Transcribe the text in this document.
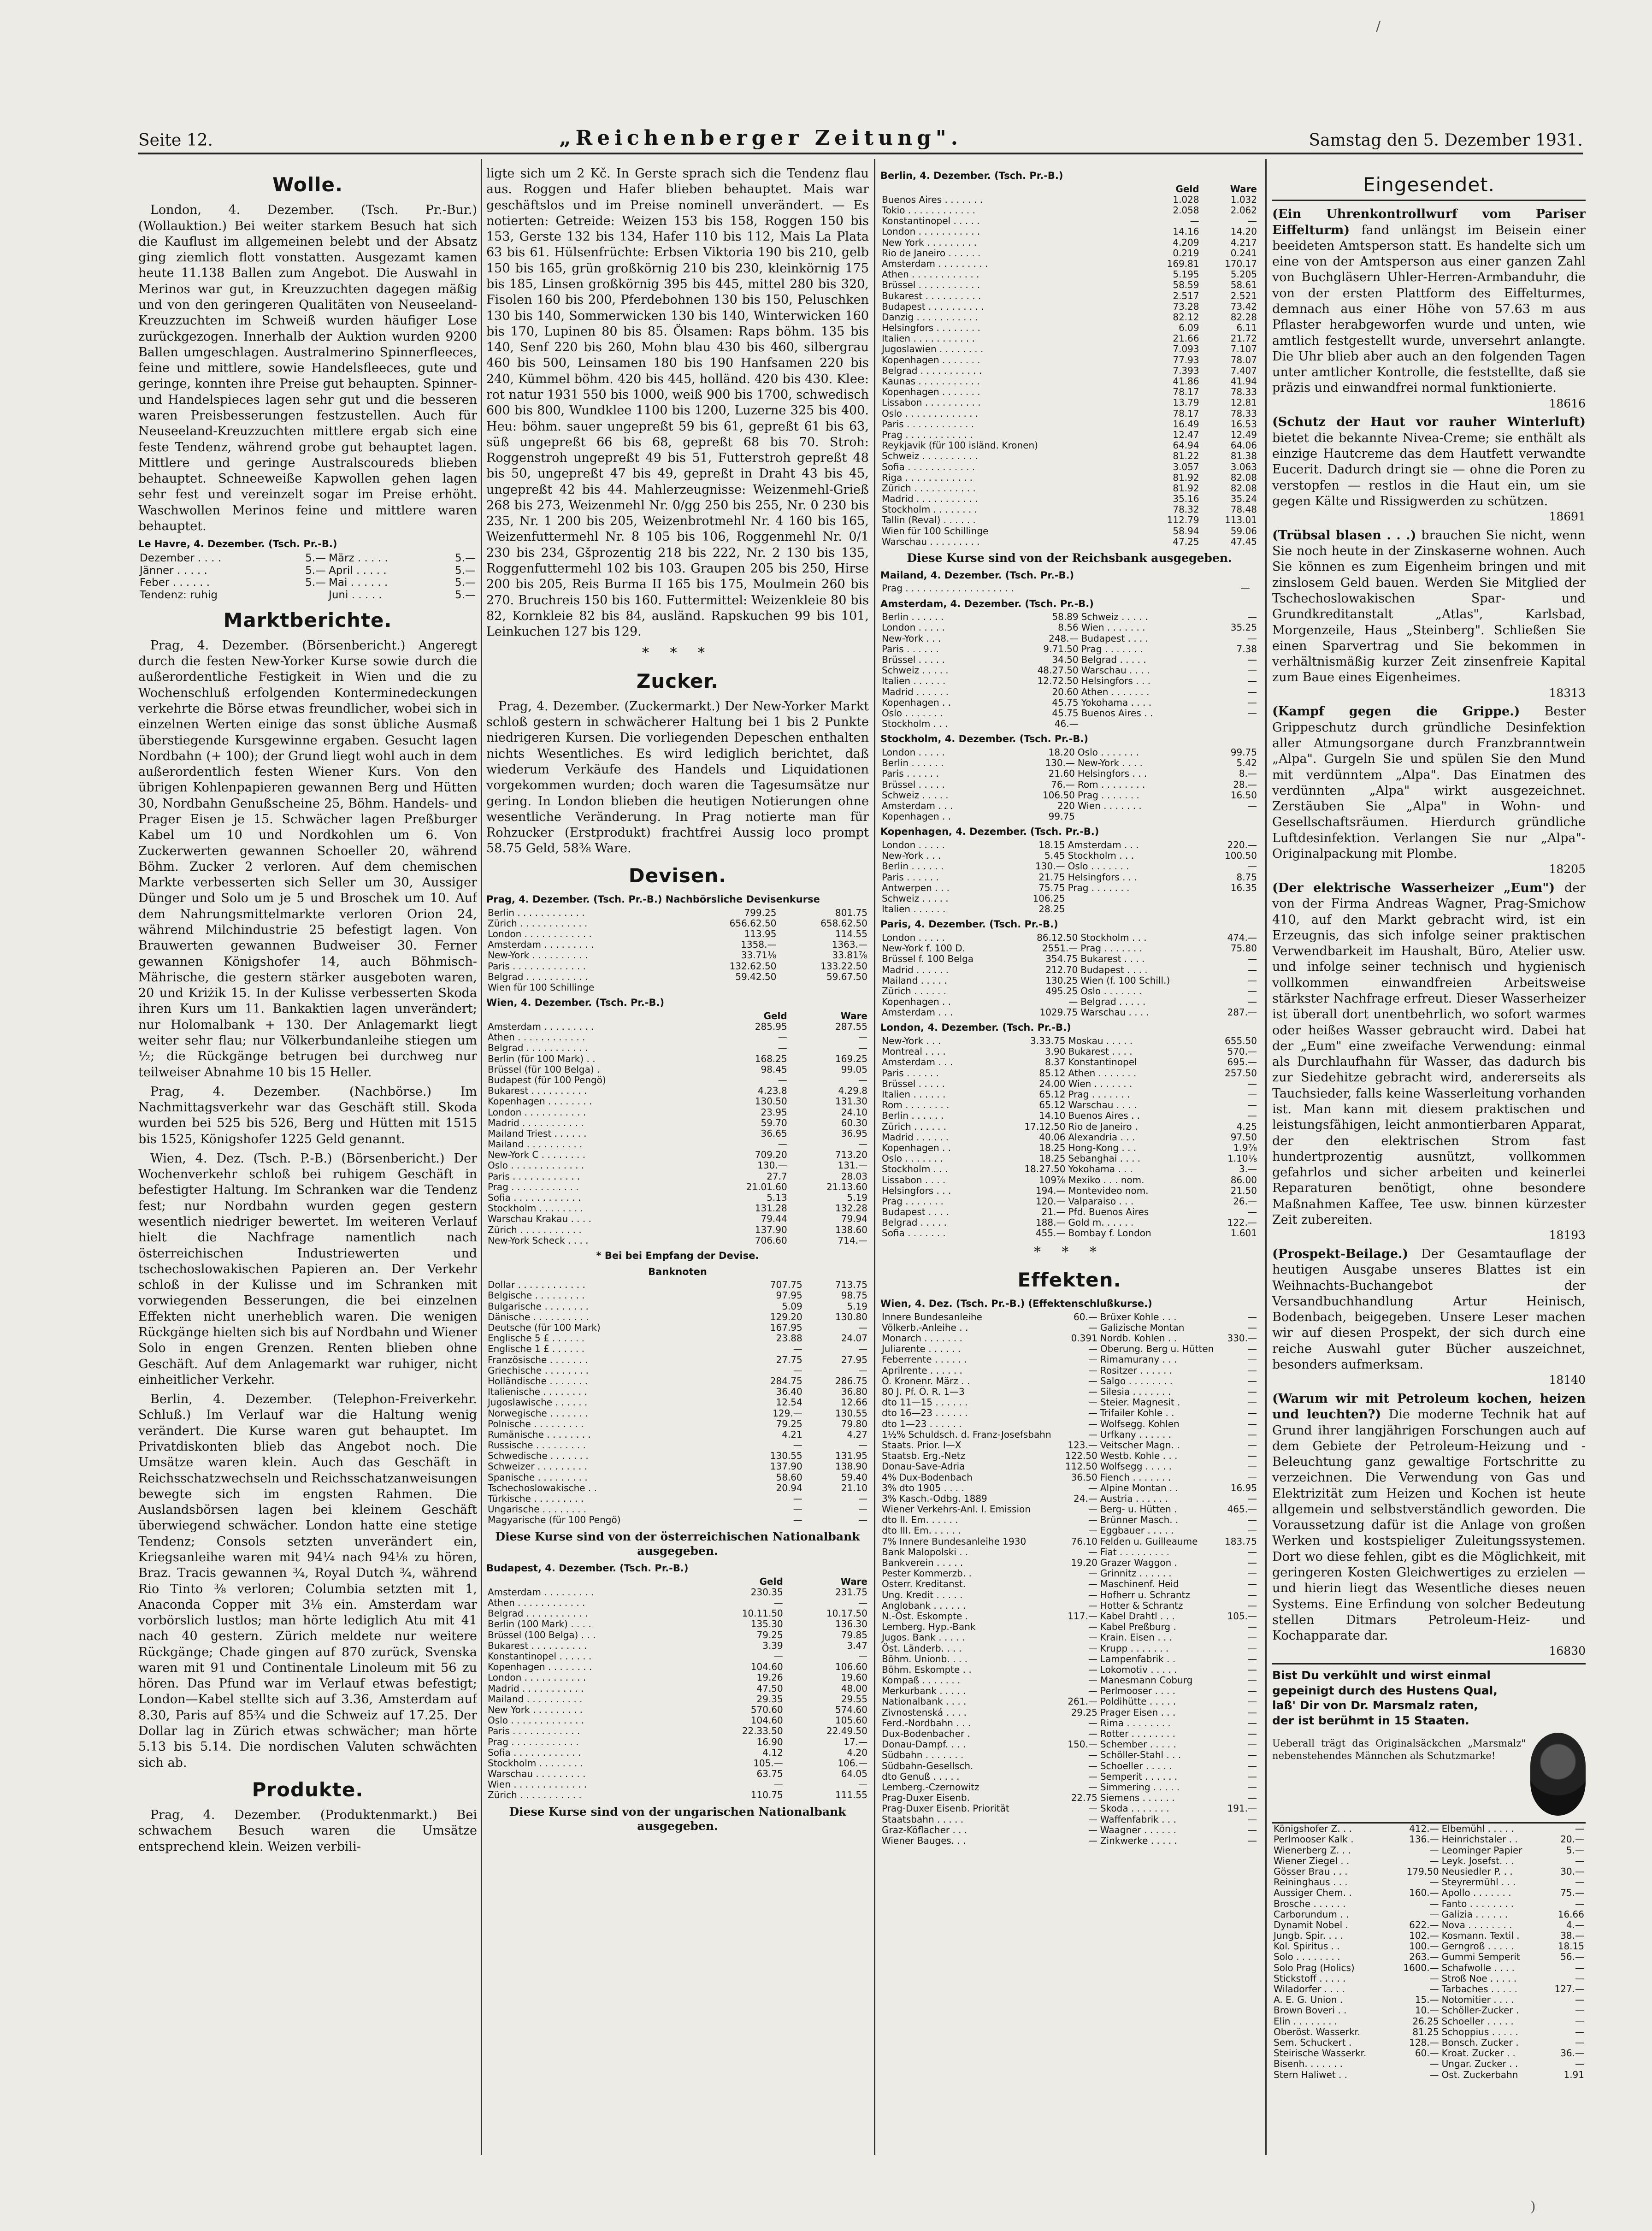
Seite 12.	„Reichenberger Zeitung".	Samstag den 5. Dezember 1931.
Wolle.

London, 4. Dezember. (Tsch. Pr.-Bur.) (Wollauktion.) Bei weiter starkem Besuch hat sich die Kauflust im allgemeinen belebt und der Absatz ging ziemlich flott vonstatten. Ausgezamt kamen heute 11.138 Ballen zum Angebot. Die Auswahl in Merinos war gut, in Kreuzzuchten dagegen mäßig und von den geringeren Qualitäten von Neuseeland-Kreuzzuchten im Schweiß wurden häufiger Lose zurückgezogen. Innerhalb der Auktion wurden 9200 Ballen umgeschlagen. Australmerino Spinnerfleeces, feine und mittlere, sowie Handelsfleeces, gute und geringe, konnten ihre Preise gut behaupten. Spinner- und Handelspieces lagen sehr gut und die besseren waren Preisbesserungen festzustellen. Auch für Neuseeland-Kreuzzuchten mittlere ergab sich eine feste Tendenz, während grobe gut behauptet lagen. Mittlere und geringe Australscoureds blieben behauptet. Schneeweiße Kapwollen gehen lagen sehr fest und vereinzelt sogar im Preise erhöht. Waschwollen Merinos feine und mittlere waren behauptet.

Le Havre, 4. Dezember. (Tsch. Pr.-B.)
Dezember . . . .	5.—	März . . . . .	5.—
Jänner . . . . .	5.—	April . . . . .	5.—
Feber . . . . . .	5.—	Mai . . . . . .	5.—
Tendenz: ruhig		Juni . . . . .	5.—
Marktberichte.

Prag, 4. Dezember. (Börsenbericht.) Angeregt durch die festen New-Yorker Kurse sowie durch die außerordentliche Festigkeit in Wien und die zu Wochenschluß erfolgenden Konterminedeckungen verkehrte die Börse etwas freundlicher, wobei sich in einzelnen Werten einige das sonst übliche Ausmaß überstiegende Kursgewinne ergaben. Gesucht lagen Nordbahn (+ 100); der Grund liegt wohl auch in dem außerordentlich festen Wiener Kurs. Von den übrigen Kohlenpapieren gewannen Berg und Hütten 30, Nordbahn Genußscheine 25, Böhm. Handels- und Prager Eisen je 15. Schwächer lagen Preßburger Kabel um 10 und Nordkohlen um 6. Von Zuckerwerten gewannen Schoeller 20, während Böhm. Zucker 2 verloren. Auf dem chemischen Markte verbesserten sich Seller um 30, Aussiger Dünger und Solo um je 5 und Broschek um 10. Auf dem Nahrungsmittelmarkte verloren Orion 24, während Milchindustrie 25 befestigt lagen. Von Brauwerten gewannen Budweiser 30. Ferner gewannen Königshofer 14, auch Böhmisch-Mährische, die gestern stärker ausgeboten waren, 20 und Kriżik 15. In der Kulisse verbesserten Skoda ihren Kurs um 11. Bankaktien lagen unverändert; nur Holomalbank + 130. Der Anlagemarkt liegt weiter sehr flau; nur Völkerbundanleihe stiegen um ½; die Rückgänge betrugen bei durchweg nur teilweiser Abnahme 10 bis 15 Heller.

Prag, 4. Dezember. (Nachbörse.) Im Nachmittagsverkehr war das Geschäft still. Skoda wurden bei 525 bis 526, Berg und Hütten mit 1515 bis 1525, Königshofer 1225 Geld genannt.

Wien, 4. Dez. (Tsch. P.-B.) (Börsenbericht.) Der Wochenverkehr schloß bei ruhigem Geschäft in befestigter Haltung. Im Schranken war die Tendenz fest; nur Nordbahn wurden gegen gestern wesentlich niedriger bewertet. Im weiteren Verlauf hielt die Nachfrage namentlich nach österreichischen Industriewerten und tschechoslowakischen Papieren an. Der Verkehr schloß in der Kulisse und im Schranken mit vorwiegenden Besserungen, die bei einzelnen Effekten nicht unerheblich waren. Die wenigen Rückgänge hielten sich bis auf Nordbahn und Wiener Solo in engen Grenzen. Renten blieben ohne Geschäft. Auf dem Anlagemarkt war ruhiger, nicht einheitlicher Verkehr.

Berlin, 4. Dezember. (Telephon-Freiverkehr. Schluß.) Im Verlauf war die Haltung wenig verändert. Die Kurse waren gut behauptet. Im Privatdiskonten blieb das Angebot noch. Die Umsätze waren klein. Auch das Geschäft in Reichsschatzwechseln und Reichsschatzanweisungen bewegte sich im engsten Rahmen. Die Auslandsbörsen lagen bei kleinem Geschäft überwiegend schwächer. London hatte eine stetige Tendenz; Consols setzten unverändert ein, Kriegsanleihe waren mit 94¼ nach 94⅛ zu hören, Braz. Tracis gewannen ¾, Royal Dutch ¾, während Rio Tinto ⅜ verloren; Columbia setzten mit 1, Anaconda Copper mit 3⅛ ein. Amsterdam war vorbörslich lustlos; man hörte lediglich Atu mit 41 nach 40 gestern. Zürich meldete nur weitere Rückgänge; Chade gingen auf 870 zurück, Svenska waren mit 91 und Continentale Linoleum mit 56 zu hören. Das Pfund war im Verlauf etwas befestigt; London—Kabel stellte sich auf 3.36, Amsterdam auf 8.30, Paris auf 85¾ und die Schweiz auf 17.25. Der Dollar lag in Zürich etwas schwächer; man hörte 5.13 bis 5.14. Die nordischen Valuten schwächten sich ab.

Produkte.

Prag, 4. Dezember. (Produktenmarkt.) Bei schwachem Besuch waren die Umsätze entsprechend klein. Weizen verbili-

ligte sich um 2 Kč. In Gerste sprach sich die Tendenz flau aus. Roggen und Hafer blieben behauptet. Mais war geschäftslos und im Preise nominell unverändert. — Es notierten: Getreide: Weizen 153 bis 158, Roggen 150 bis 153, Gerste 132 bis 134, Hafer 110 bis 112, Mais La Plata 63 bis 61. Hülsenfrüchte: Erbsen Viktoria 190 bis 210, gelb 150 bis 165, grün großkörnig 210 bis 230, kleinkörnig 175 bis 185, Linsen großkörnig 395 bis 445, mittel 280 bis 320, Fisolen 160 bis 200, Pferdebohnen 130 bis 150, Peluschken 130 bis 140, Sommerwicken 130 bis 140, Winterwicken 160 bis 170, Lupinen 80 bis 85. Ölsamen: Raps böhm. 135 bis 140, Senf 220 bis 260, Mohn blau 430 bis 460, silbergrau 460 bis 500, Leinsamen 180 bis 190 Hanfsamen 220 bis 240, Kümmel böhm. 420 bis 445, holländ. 420 bis 430. Klee: rot natur 1931 550 bis 1000, weiß 900 bis 1700, schwedisch 600 bis 800, Wundklee 1100 bis 1200, Luzerne 325 bis 400. Heu: böhm. sauer ungepreßt 59 bis 61, gepreßt 61 bis 63, süß ungepreßt 66 bis 68, gepreßt 68 bis 70. Stroh: Roggenstroh ungepreßt 49 bis 51, Futterstroh gepreßt 48 bis 50, ungepreßt 47 bis 49, gepreßt in Draht 43 bis 45, ungepreßt 42 bis 44. Mahlerzeugnisse: Weizenmehl-Grieß 268 bis 273, Weizenmehl Nr. 0/gg 250 bis 255, Nr. 0 230 bis 235, Nr. 1 200 bis 205, Weizenbrotmehl Nr. 4 160 bis 165, Weizenfuttermehl Nr. 8 105 bis 106, Roggenmehl Nr. 0/1 230 bis 234, Gšprozentig 218 bis 222, Nr. 2 130 bis 135, Roggenfuttermehl 102 bis 103. Graupen 205 bis 250, Hirse 200 bis 205, Reis Burma II 165 bis 175, Moulmein 260 bis 270. Bruchreis 150 bis 160. Futtermittel: Weizenkleie 80 bis 82, Kornkleie 82 bis 84, ausländ. Rapskuchen 99 bis 101, Leinkuchen 127 bis 129.

* * *
Zucker.

Prag, 4. Dezember. (Zuckermarkt.) Der New-Yorker Markt schloß gestern in schwächerer Haltung bei 1 bis 2 Punkte niedrigeren Kursen. Die vorliegenden Depeschen enthalten nichts Wesentliches. Es wird lediglich berichtet, daß wiederum Verkäufe des Handels und Liquidationen vorgekommen wurden; doch waren die Tagesumsätze nur gering. In London blieben die heutigen Notierungen ohne wesentliche Veränderung. In Prag notierte man für Rohzucker (Erstprodukt) frachtfrei Aussig loco prompt 58.75 Geld, 58⅜ Ware.

Devisen.
Prag, 4. Dezember. (Tsch. Pr.-B.) Nachbörsliche Devisenkurse
Berlin . . . . . . . . . . . .	799.25	801.75
Zürich . . . . . . . . . . . .	656.62.50	658.62.50
London . . . . . . . . . . . .	113.95	114.55
Amsterdam . . . . . . . . .	1358.—	1363.—
New-York . . . . . . . . . .	33.71⅛	33.81⅞
Paris . . . . . . . . . . . . .	132.62.50	133.22.50
Belgrad . . . . . . . . . . .	59.42.50	59.67.50
Wien für 100 Schillinge		
Wien, 4. Dezember. (Tsch. Pr.-B.)
	Geld	Ware
Amsterdam . . . . . . . . .	285.95	287.55
Athen . . . . . . . . . . . .	—	—
Belgrad . . . . . . . . . . .	—	—
Berlin (für 100 Mark) . .	168.25	169.25
Brüssel (für 100 Belga) .	98.45	99.05
Budapest (für 100 Pengö)	—	—
Bukarest . . . . . . . . . .	4.23.8	4.29.8
Kopenhagen . . . . . . . .	130.50	131.30
London . . . . . . . . . . .	23.95	24.10
Madrid . . . . . . . . . . .	59.70	60.30
Mailand Triest . . . . . .	36.65	36.95
Mailand . . . . . . . . . .	—	—
New-York C . . . . . . . .	709.20	713.20
Oslo . . . . . . . . . . . . .	130.—	131.—
Paris . . . . . . . . . . . .	27.7	28.03
Prag . . . . . . . . . . . .	21.01.60	21.13.60
Sofia . . . . . . . . . . . .	5.13	5.19
Stockholm . . . . . . . .	131.28	132.28
Warschau Krakau . . . .	79.44	79.94
Zürich . . . . . . . . . . .	137.90	138.60
New-York Scheck . . . .	706.60	714.—
* Bei bei Empfang der Devise.
Banknoten
Dollar . . . . . . . . . . . .	707.75	713.75
Belgische . . . . . . . . .	97.95	98.75
Bulgarische . . . . . . . .	5.09	5.19
Dänische . . . . . . . . . .	129.20	130.80
Deutsche (für 100 Mark)	167.95	—
Englische 5 £ . . . . . .	23.88	24.07
Englische 1 £ . . . . . .	—	—
Französische . . . . . . .	27.75	27.95
Griechische . . . . . . . .	—	—
Holländische . . . . . . .	284.75	286.75
Italienische . . . . . . . .	36.40	36.80
Jugoslawische . . . . . .	12.54	12.66
Norwegische . . . . . . .	129.—	130.55
Polnische . . . . . . . . .	79.25	79.80
Rumänische . . . . . . . .	4.21	4.27
Russische . . . . . . . . .	—	—
Schwedische . . . . . . .	130.55	131.95
Schweizer . . . . . . . . .	137.90	138.90
Spanische . . . . . . . . .	58.60	59.40
Tschechoslowakische . .	20.94	21.10
Türkische . . . . . . . . .	—	—
Ungarische . . . . . . . .	—	—
Magyarische (für 100 Pengö)	—	—
Diese Kurse sind von der österreichischen Nationalbank ausgegeben.
Budapest, 4. Dezember. (Tsch. Pr.-B.)
	Geld	Ware
Amsterdam . . . . . . . . .	230.35	231.75
Athen . . . . . . . . . . . .	—	—
Belgrad . . . . . . . . . . .	10.11.50	10.17.50
Berlin (100 Mark) . . . .	135.30	136.30
Brüssel (100 Belga) . . .	79.25	79.85
Bukarest . . . . . . . . . .	3.39	3.47
Konstantinopel . . . . . .	—	—
Kopenhagen . . . . . . . .	104.60	106.60
London . . . . . . . . . . .	19.26	19.60
Madrid . . . . . . . . . . .	47.50	48.00
Mailand . . . . . . . . . .	29.35	29.55
New York . . . . . . . . .	570.60	574.60
Oslo . . . . . . . . . . . . .	104.60	105.60
Paris . . . . . . . . . . . .	22.33.50	22.49.50
Prag . . . . . . . . . . . .	16.90	17.—
Sofia . . . . . . . . . . . .	4.12	4.20
Stockholm . . . . . . . .	105.—	106.—
Warschau . . . . . . . . .	63.75	64.05
Wien . . . . . . . . . . . . .	—	—
Zürich . . . . . . . . . . .	110.75	111.55
Diese Kurse sind von der ungarischen Nationalbank ausgegeben.
Berlin, 4. Dezember. (Tsch. Pr.-B.)
	Geld	Ware
Buenos Aires . . . . . . .	1.028	1.032
Tokio . . . . . . . . . . . .	2.058	2.062
Konstantinopel . . . . .	—	—
London . . . . . . . . . . .	14.16	14.20
New York . . . . . . . . .	4.209	4.217
Rio de Janeiro . . . . . .	0.219	0.241
Amsterdam . . . . . . . . .	169.81	170.17
Athen . . . . . . . . . . . .	5.195	5.205
Brüssel . . . . . . . . . . .	58.59	58.61
Bukarest . . . . . . . . . .	2.517	2.521
Budapest . . . . . . . . . .	73.28	73.42
Danzig . . . . . . . . . . .	82.12	82.28
Helsingfors . . . . . . . .	6.09	6.11
Italien . . . . . . . . . . .	21.66	21.72
Jugoslawien . . . . . . . .	7.093	7.107
Kopenhagen . . . . . . .	77.93	78.07
Belgrad . . . . . . . . . . .	7.393	7.407
Kaunas . . . . . . . . . . .	41.86	41.94
Kopenhagen . . . . . . .	78.17	78.33
Lissabon . . . . . . . . . .	13.79	12.81
Oslo . . . . . . . . . . . . .	78.17	78.33
Paris . . . . . . . . . . . .	16.49	16.53
Prag . . . . . . . . . . . .	12.47	12.49
Reykjavik (für 100 isländ. Kronen)	64.94	64.06
Schweiz . . . . . . . . . .	81.22	81.38
Sofia . . . . . . . . . . . .	3.057	3.063
Riga . . . . . . . . . . . .	81.92	82.08
Zürich . . . . . . . . . . .	81.92	82.08
Madrid . . . . . . . . . . .	35.16	35.24
Stockholm . . . . . . . .	78.32	78.48
Tallin (Reval) . . . . . .	112.79	113.01
Wien für 100 Schillinge	58.94	59.06
Warschau . . . . . . . . .	47.25	47.45
Diese Kurse sind von der Reichsbank ausgegeben.
Mailand, 4. Dezember. (Tsch. Pr.-B.)
Prag . . . . . . . . . . . . . . . . . . .	—	
Amsterdam, 4. Dezember. (Tsch. Pr.-B.)
Berlin . . . . . .	58.89	Schweiz . . . . .	—
London . . . . .	8.56	Wien . . . . . . .	35.25
New-York . . .	248.—	Budapest . . . .	—
Paris . . . . . .	9.71.50	Prag . . . . . . .	7.38
Brüssel . . . . .	34.50	Belgrad . . . . .	—
Schweiz . . . . .	48.27.50	Warschau . . . .	—
Italien . . . . . .	12.72.50	Helsingfors . . .	—
Madrid . . . . . .	20.60	Athen . . . . . . .	—
Kopenhagen . .	45.75	Yokohama . . . .	—
Oslo . . . . . . .	45.75	Buenos Aires . .	—
Stockholm . . .	46.—		
Stockholm, 4. Dezember. (Tsch. Pr.-B.)
London . . . . .	18.20	Oslo . . . . . . .	99.75
Berlin . . . . . .	130.—	New-York . . . .	5.42
Paris . . . . . .	21.60	Helsingfors . . .	8.—
Brüssel . . . . .	76.—	Rom . . . . . . . .	28.—
Schweiz . . . . .	106.50	Prag . . . . . . .	16.50
Amsterdam . . .	220	Wien . . . . . . .	—
Kopenhagen . .	99.75		
Kopenhagen, 4. Dezember. (Tsch. Pr.-B.)
London . . . . .	18.15	Amsterdam . . .	220.—
New-York . . .	5.45	Stockholm . . .	100.50
Berlin . . . . . .	130.—	Oslo . . . . . . .	—
Paris . . . . . .	21.75	Helsingfors . . .	8.75
Antwerpen . . .	75.75	Prag . . . . . . .	16.35
Schweiz . . . . .	106.25		
Italien . . . . . .	28.25		
Paris, 4. Dezember. (Tsch. Pr.-B.)
London . . . . .	86.12.50	Stockholm . . .	474.—
New-York f. 100 D.	2551.—	Prag . . . . . . .	75.80
Brüssel f. 100 Belga	354.75	Bukarest . . . .	—
Madrid . . . . . .	212.70	Budapest . . . .	—
Mailand . . . . .	130.25	Wien (f. 100 Schill.)	—
Zürich . . . . . .	495.25	Oslo . . . . . . .	—
Kopenhagen . .	—	Belgrad . . . . .	—
Amsterdam . . .	1029.75	Warschau . . . .	287.—
London, 4. Dezember. (Tsch. Pr.-B.)
New-York . . .	3.33.75	Moskau . . . . .	655.50
Montreal . . . .	3.90	Bukarest . . . .	570.—
Amsterdam . . .	8.37	Konstantinopel	695.—
Paris . . . . . .	85.12	Athen . . . . . . .	257.50
Brüssel . . . . .	24.00	Wien . . . . . . .	—
Italien . . . . . .	65.12	Prag . . . . . . .	—
Rom . . . . . . . .	65.12	Warschau . . . .	—
Berlin . . . . . .	14.10	Buenos Aires . .	—
Zürich . . . . . .	17.12.50	Rio de Janeiro .	4.25
Madrid . . . . . .	40.06	Alexandria . . .	97.50
Kopenhagen . .	18.25	Hong-Kong . . .	1.9⅞
Oslo . . . . . . .	18.25	Sebanghai . . . .	1.10⅛
Stockholm . . .	18.27.50	Yokohama . . .	3.—
Lissabon . . . .	109⅞	Mexiko . . . nom.	86.00
Helsingfors . . .	194.—	Montevideo nom.	21.50
Prag . . . . . . .	120.—	Valparaiso . . .	26.—
Budapest . . . .	21.—	Pfd. Buenos Aires	—
Belgrad . . . . .	188.—	Gold m. . . . . .	122.—
Sofia . . . . . . .	455.—	Bombay f. London	1.601
* * *
Effekten.
Wien, 4. Dez. (Tsch. Pr.-B.) (Effektenschlußkurse.)
Innere Bundesanleihe	60.—	Brüxer Kohle . . .	—
Völkerb.-Anleihe . .	—	Galizische Montan	—
Monarch . . . . . . .	0.391	Nordb. Kohlen . .	330.—
Juliarente . . . . . .	—	Oberung. Berg u. Hütten	—
Feberrente . . . . . .	—	Rimamurany . . .	—
Aprilrente . . . . . .	—	Rositzer . . . . . .	—
Ö. Kronenr. März . .	—	Salgo . . . . . . . .	—
80 J. Pf. Ö. R. 1—3	—	Silesia . . . . . . .	—
dto 11—15 . . . . . .	—	Steier. Magnesit .	—
dto 16—23 . . . . . .	—	Trifailer Kohle . .	—
dto 1—23 . . . . . .	—	Wolfsegg. Kohlen	—
1½% Schuldsch. d. Franz-Josefsbahn	—	Urfkany . . . . . .	—
Staats. Prior. I—X	123.—	Veitscher Magn. .	—
Staatsb. Erg.-Netz	122.50	Westb. Kohle . . .	—
Donau-Save-Adria	112.50	Wolfsegg . . . . .	—
4% Dux-Bodenbach	36.50	Fiench . . . . . . .	—
3% dto 1905 . . . .	—	Alpine Montan . .	16.95
3% Kasch.-Odbg. 1889	24.—	Austria . . . . . .	—
Wiener Verkehrs-Anl. I. Emission	—	Berg- u. Hütten .	465.—
dto II. Em. . . . . .	—	Brünner Masch. .	—
dto III. Em. . . . . .	—	Eggbauer . . . . .	—
7% Innere Bundesanleihe 1930	76.10	Felden u. Guilleaume	183.75
Bank Malopolski . .	—	Fiat . . . . . . . . .	—
Bankverein . . . . .	19.20	Grazer Waggon .	—
Pester Kommerzb. .	—	Grinnitz . . . . . .	—
Österr. Kreditanst.	—	Maschinenf. Heid	—
Ung. Kredit . . . . .	—	Hofherr u. Schrantz	—
Anglobank . . . . . .	—	Hotter & Schrantz	—
N.-Öst. Eskompte .	117.—	Kabel Drahtl . . .	105.—
Lemberg. Hyp.-Bank	—	Kabel Preßburg .	—
Jugos. Bank . . . . .	—	Krain. Eisen . . .	—
Öst. Länderb. . . .	—	Krupp . . . . . . .	—
Böhm. Unionb. . . .	—	Lampenfabrik . .	—
Böhm. Eskompte . .	—	Lokomotiv . . . . .	—
Kompaß . . . . . . .	—	Manesmann Coburg	—
Merkurbank . . . . .	—	Perlmooser . . . .	—
Nationalbank . . . .	261.—	Poldihütte . . . . .	—
Zivnostenská . . . .	29.25	Prager Eisen . . .	—
Ferd.-Nordbahn . . .	—	Rima . . . . . . . .	—
Dux-Bodenbacher .	—	Rotter . . . . . . . .	—
Donau-Dampf. . . .	150.—	Schember . . . . .	—
Südbahn . . . . . . .	—	Schöller-Stahl . . .	—
Südbahn-Gesellsch.	—	Schoeller . . . . .	—
dto Genuß . . . . .	—	Semperit . . . . . .	—
Lemberg.-Czernowitz	—	Simmering . . . . .	—
Prag-Duxer Eisenb.	22.75	Siemens . . . . . .	—
Prag-Duxer Eisenb. Priorität	—	Skoda . . . . . . .	191.—
Staatsbahn . . . . .	—	Waffenfabrik . . .	—
Graz-Köflacher . . .	—	Waagner . . . . . .	—
Wiener Bauges. . .	—	Zinkwerke . . . . .	—
Eingesendet.

(Ein Uhrenkontrollwurf vom Pariser Eiffelturm) fand unlängst im Beisein einer beeideten Amtsperson statt. Es handelte sich um eine von der Amtsperson aus einer ganzen Zahl von Buchgläsern Uhler-Herren-Armbanduhr, die von der ersten Plattform des Eiffelturmes, demnach aus einer Höhe von 57.63 m aus Pflaster herabgeworfen wurde und unten, wie amtlich festgestellt wurde, unversehrt anlangte. Die Uhr blieb aber auch an den folgenden Tagen unter amtlicher Kontrolle, die feststellte, daß sie präzis und einwandfrei normal funktionierte.
18616

(Schutz der Haut vor rauher Winterluft) bietet die bekannte Nivea-Creme; sie enthält als einzige Hautcreme das dem Hautfett verwandte Eucerit. Dadurch dringt sie — ohne die Poren zu verstopfen — restlos in die Haut ein, um sie gegen Kälte und Rissigwerden zu schützen.
18691

(Trübsal blasen . . .) brauchen Sie nicht, wenn Sie noch heute in der Zinskaserne wohnen. Auch Sie können es zum Eigenheim bringen und mit zinslosem Geld bauen. Werden Sie Mitglied der Tschechoslowakischen Spar- und Grundkreditanstalt „Atlas", Karlsbad, Morgenzeile, Haus „Steinberg". Schließen Sie einen Sparvertrag und Sie bekommen in verhältnismäßig kurzer Zeit zinsenfreie Kapital zum Baue eines Eigenheimes.
18313

(Kampf gegen die Grippe.) Bester Grippeschutz durch gründliche Desinfektion aller Atmungsorgane durch Franzbranntwein „Alpa". Gurgeln Sie und spülen Sie den Mund mit verdünntem „Alpa". Das Einatmen des verdünnten „Alpa" wirkt ausgezeichnet. Zerstäuben Sie „Alpa" in Wohn- und Gesellschaftsräumen. Hierdurch gründliche Luftdesinfektion. Verlangen Sie nur „Alpa"-Originalpackung mit Plombe.
18205

(Der elektrische Wasserheizer „Eum") der von der Firma Andreas Wagner, Prag-Smichow 410, auf den Markt gebracht wird, ist ein Erzeugnis, das sich infolge seiner praktischen Verwendbarkeit im Haushalt, Büro, Atelier usw. und infolge seiner technisch und hygienisch vollkommen einwandfreien Arbeitsweise stärkster Nachfrage erfreut. Dieser Wasserheizer ist überall dort unentbehrlich, wo sofort warmes oder heißes Wasser gebraucht wird. Dabei hat der „Eum" eine zweifache Verwendung: einmal als Durchlaufhahn für Wasser, das dadurch bis zur Siedehitze gebracht wird, andererseits als Tauchsieder, falls keine Wasserleitung vorhanden ist. Man kann mit diesem praktischen und leistungsfähigen, leicht anmontierbaren Apparat, der den elektrischen Strom fast hundertprozentig ausnützt, vollkommen gefahrlos und sicher arbeiten und keinerlei Reparaturen benötigt, ohne besondere Maßnahmen Kaffee, Tee usw. binnen kürzester Zeit zubereiten.
18193

(Prospekt-Beilage.) Der Gesamtauflage der heutigen Ausgabe unseres Blattes ist ein Weihnachts-Buchangebot der Versandbuchhandlung Artur Heinisch, Bodenbach, beigegeben. Unsere Leser machen wir auf diesen Prospekt, der sich durch eine reiche Auswahl guter Bücher auszeichnet, besonders aufmerksam.
18140

(Warum wir mit Petroleum kochen, heizen und leuchten?) Die moderne Technik hat auf Grund ihrer langjährigen Forschungen auch auf dem Gebiete der Petroleum-Heizung und -Beleuchtung ganz gewaltige Fortschritte zu verzeichnen. Die Verwendung von Gas und Elektrizität zum Heizen und Kochen ist heute allgemein und selbstverständlich geworden. Die Voraussetzung dafür ist die Anlage von großen Werken und kostspieliger Zuleitungssystemen. Dort wo diese fehlen, gibt es die Möglichkeit, mit geringeren Kosten Gleichwertiges zu erzielen — und hierin liegt das Wesentliche dieses neuen Systems. Eine Erfindung von solcher Bedeutung stellen Ditmars Petroleum-Heiz- und Kochapparate dar.
16830

Bist Du verkühlt und wirst einmal
gepeinigt durch des Hustens Qual,
laß' Dir von Dr. Marsmalz raten,
der ist berühmt in 15 Staaten.
Ueberall trägt das Originalsäckchen „Marsmalz" nebenstehendes Männchen als Schutzmarke!
Königshofer Z. . .	412.—	Elbemühl . . . . .	—
Perlmooser Kalk .	136.—	Heinrichstaler . .	20.—
Wienerberg Z. . .	—	Leominger Papier	5.—
Wiener Ziegel . .	—	Leyk. Josefst. . .	—
Gösser Brau . . .	179.50	Neusiedler P. . .	30.—
Reininghaus . . .	—	Steyrermühl . . .	—
Aussiger Chem. .	160.—	Apollo . . . . . . .	75.—
Brosche . . . . . .	—	Fanto . . . . . . . .	—
Carborundum . .	—	Galizia . . . . . .	16.66
Dynamit Nobel .	622.—	Nova . . . . . . . .	4.—
Jungb. Spir. . . .	102.—	Kosmann. Textil .	38.—
Kol. Spiritus . .	100.—	Gerngroß . . . . .	18.15
Solo . . . . . . . .	263.—	Gummi Semperit	56.—
Solo Prag (Holics)	1600.—	Schafwolle . . . .	—
Stickstoff . . . . .	—	Stroß Noe . . . . .	—
Wiladorfer . . . .	—	Tarbaches . . . . .	127.—
A. E. G. Union .	15.—	Notomitier . . . .	—
Brown Boveri . .	10.—	Schöller-Zucker .	—
Elin . . . . . . . .	26.25	Schoeller . . . . .	—
Oberöst. Wasserkr.	81.25	Schoppius . . . . .	—
Sem. Schuckert .	128.—	Bonsch. Zucker .	—
Steirische Wasserkr.	60.—	Kroat. Zucker . .	36.—
Bisenh. . . . . . .	—	Ungar. Zucker . .	—
Stern Haliwet . .	—	Ost. Zuckerbahn	1.91
/
)
